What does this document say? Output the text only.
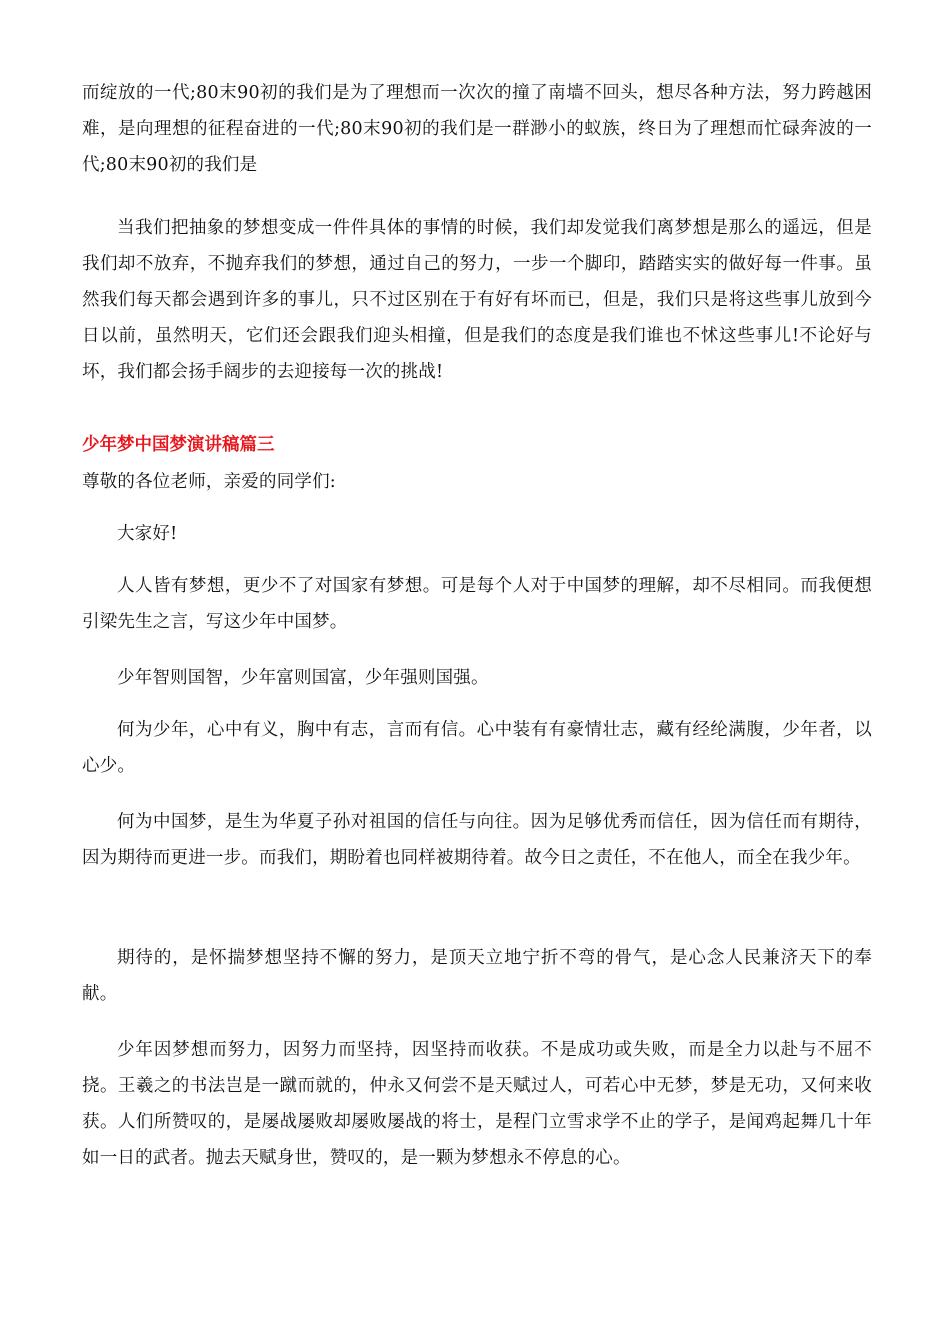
而绽放的一代;80末90初的我们是为了理想而一次次的撞了南墙不回头，想尽各种方法，努力跨越困难，是向理想的征程奋进的一代;80末90初的我们是一群渺小的蚁族，终日为了理想而忙碌奔波的一代;80末90初的我们是

当我们把抽象的梦想变成一件件具体的事情的时候，我们却发觉我们离梦想是那么的遥远，但是我们却不放弃，不抛弃我们的梦想，通过自己的努力，一步一个脚印，踏踏实实的做好每一件事。虽然我们每天都会遇到许多的事儿，只不过区别在于有好有坏而已，但是，我们只是将这些事儿放到今日以前，虽然明天，它们还会跟我们迎头相撞，但是我们的态度是我们谁也不怵这些事儿!不论好与坏，我们都会扬手阔步的去迎接每一次的挑战!

少年梦中国梦演讲稿篇三

尊敬的各位老师，亲爱的同学们:

大家好!

人人皆有梦想，更少不了对国家有梦想。可是每个人对于中国梦的理解，却不尽相同。而我便想引梁先生之言，写这少年中国梦。

少年智则国智，少年富则国富，少年强则国强。

何为少年，心中有义，胸中有志，言而有信。心中装有有豪情壮志，藏有经纶满腹，少年者，以心少。

何为中国梦，是生为华夏子孙对祖国的信任与向往。因为足够优秀而信任，因为信任而有期待，因为期待而更进一步。而我们，期盼着也同样被期待着。故今日之责任，不在他人，而全在我少年。

期待的，是怀揣梦想坚持不懈的努力，是顶天立地宁折不弯的骨气，是心念人民兼济天下的奉献。

少年因梦想而努力，因努力而坚持，因坚持而收获。不是成功或失败，而是全力以赴与不屈不挠。王羲之的书法岂是一蹴而就的，仲永又何尝不是天赋过人，可若心中无梦，梦是无功，又何来收获。人们所赞叹的，是屡战屡败却屡败屡战的将士，是程门立雪求学不止的学子，是闻鸡起舞几十年如一日的武者。抛去天赋身世，赞叹的，是一颗为梦想永不停息的心。
